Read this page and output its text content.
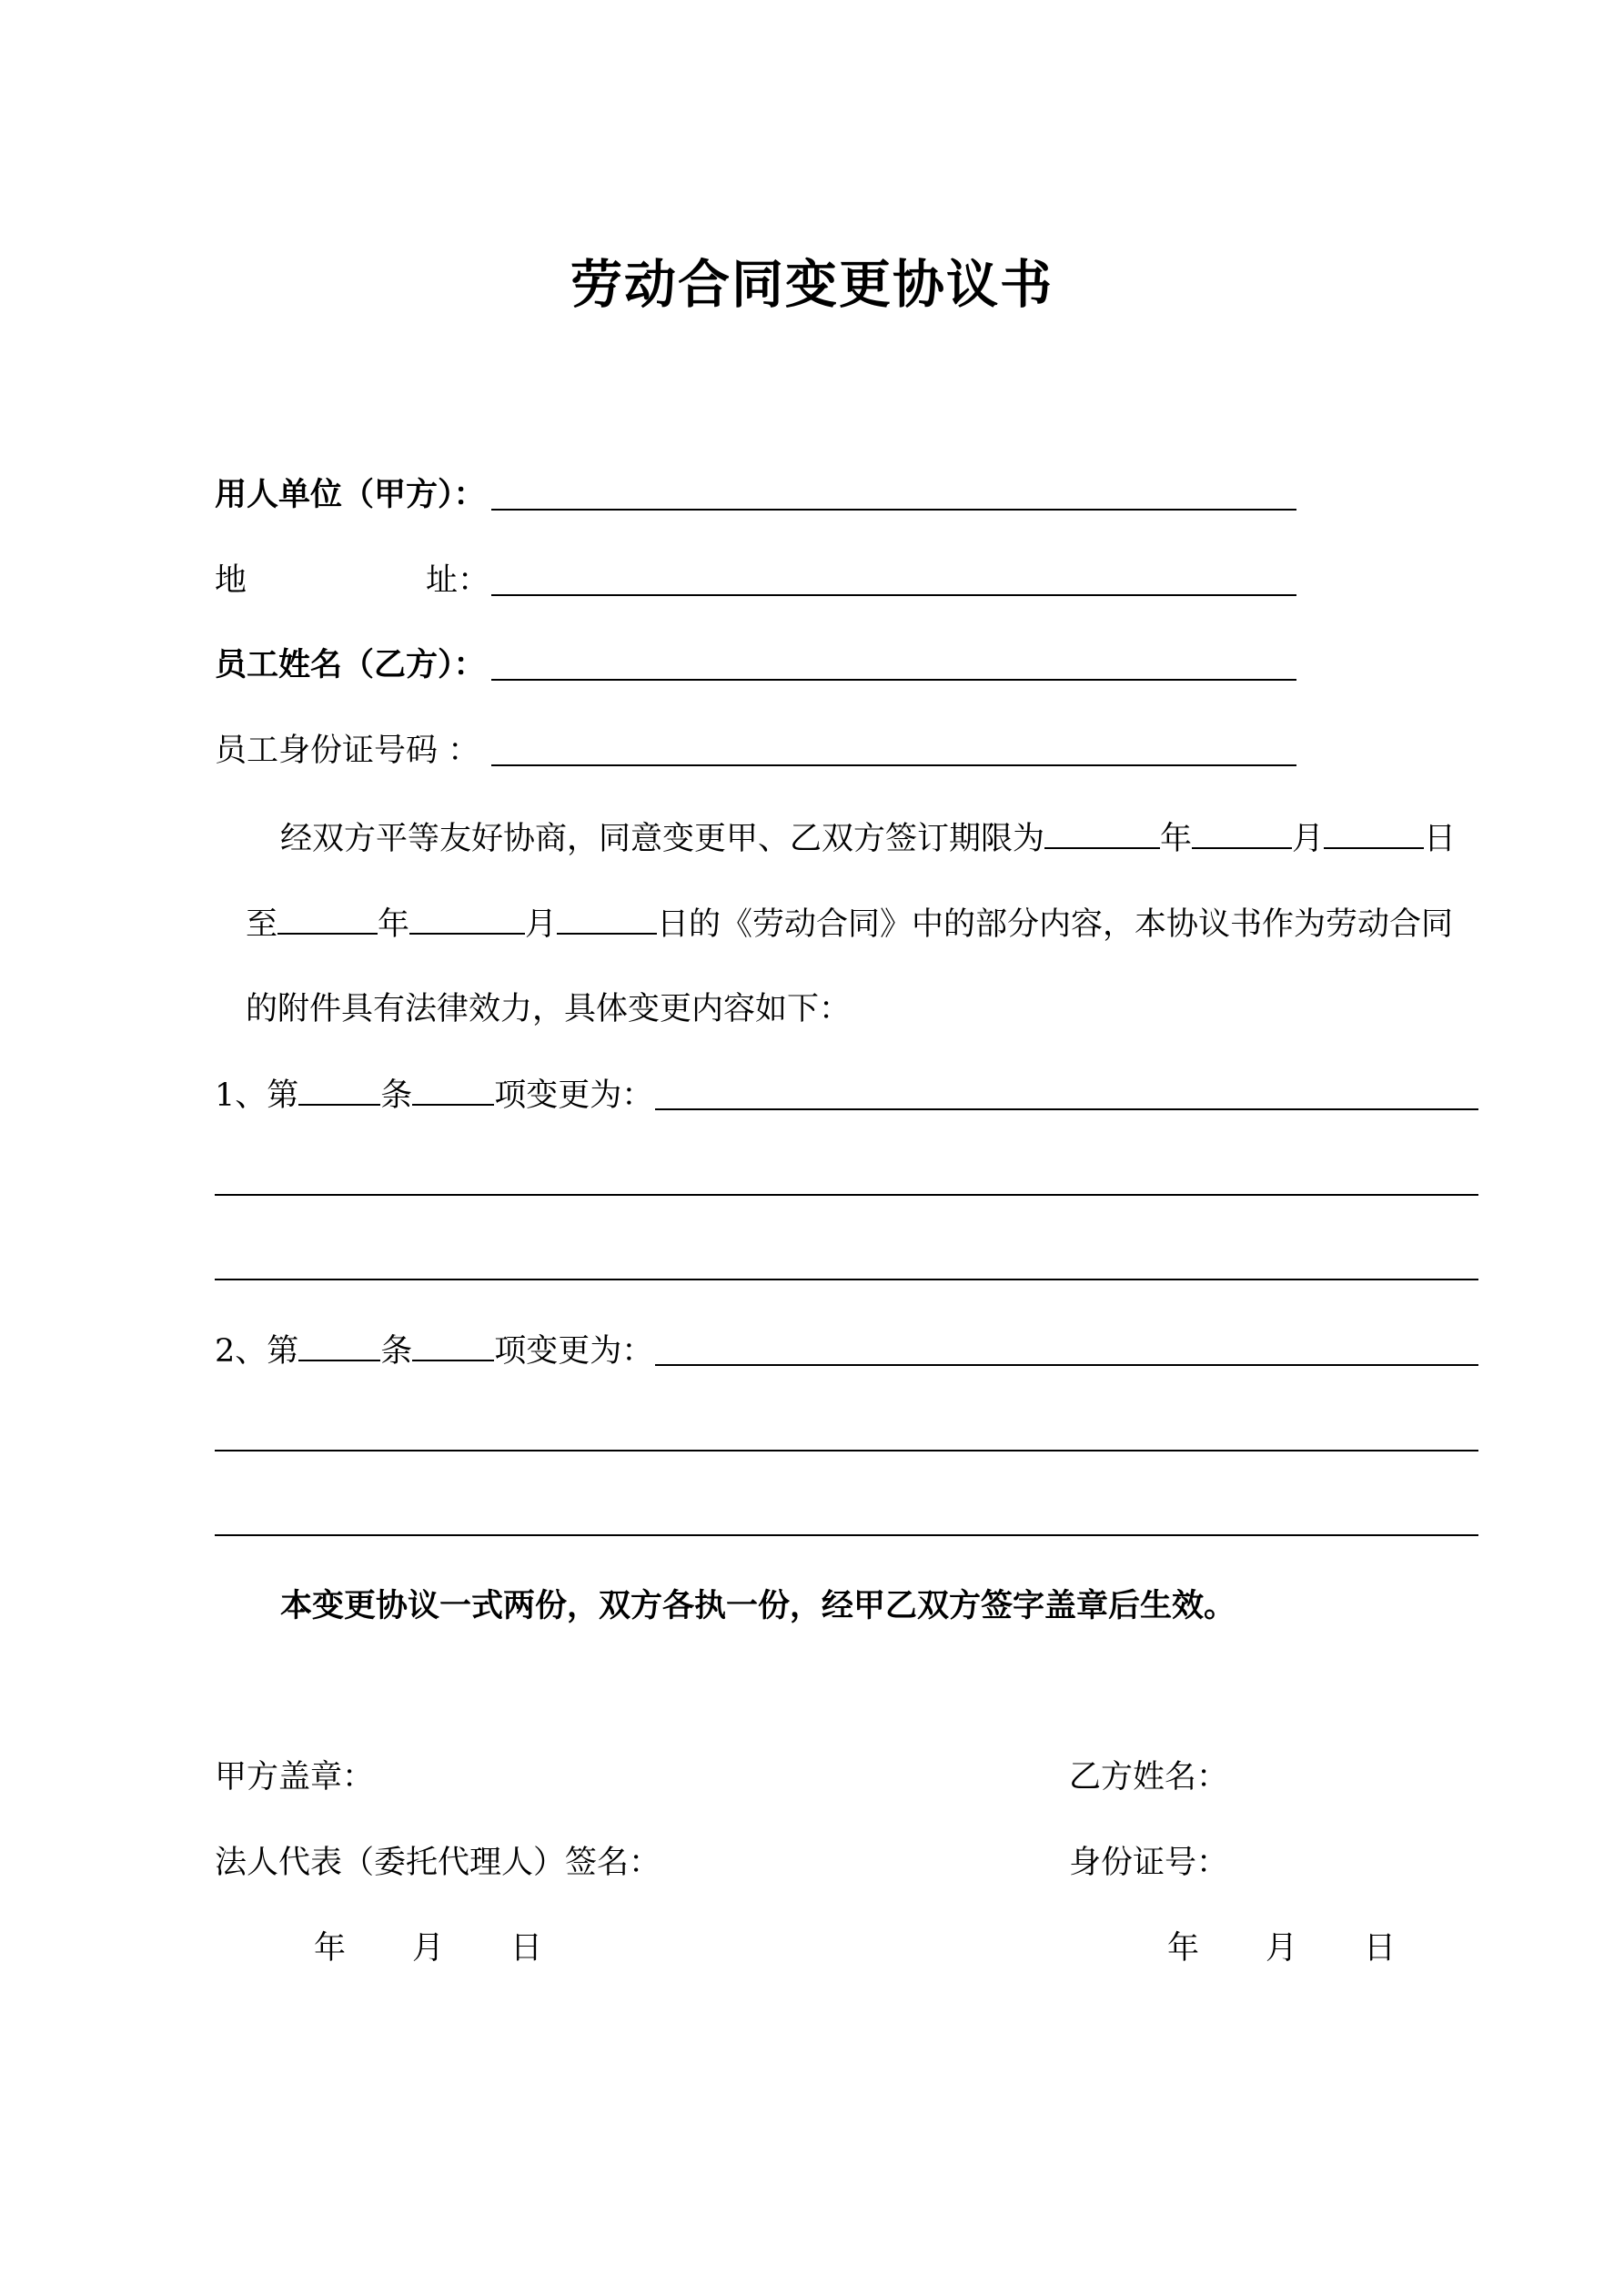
劳动合同变更协议书
用人单位（甲方）：
地	址：
员工姓名（乙方）：
员工身份证号码 ：
经双方平等友好协商，同意变更甲、乙双方签订期限为	年	月	日
至	年	月	日的《劳动合同》中的部分内容，本协议书作为劳动合同
的附件具有法律效力，具体变更内容如下：
1、第	条	项变更为：
2、第	条	项变更为：
本变更协议一式两份，双方各执一份，经甲乙双方签字盖章后生效。
甲方盖章：
法人代表（委托代理人）签名：
年 月 日
乙方姓名：
身份证号：
年 月 日
